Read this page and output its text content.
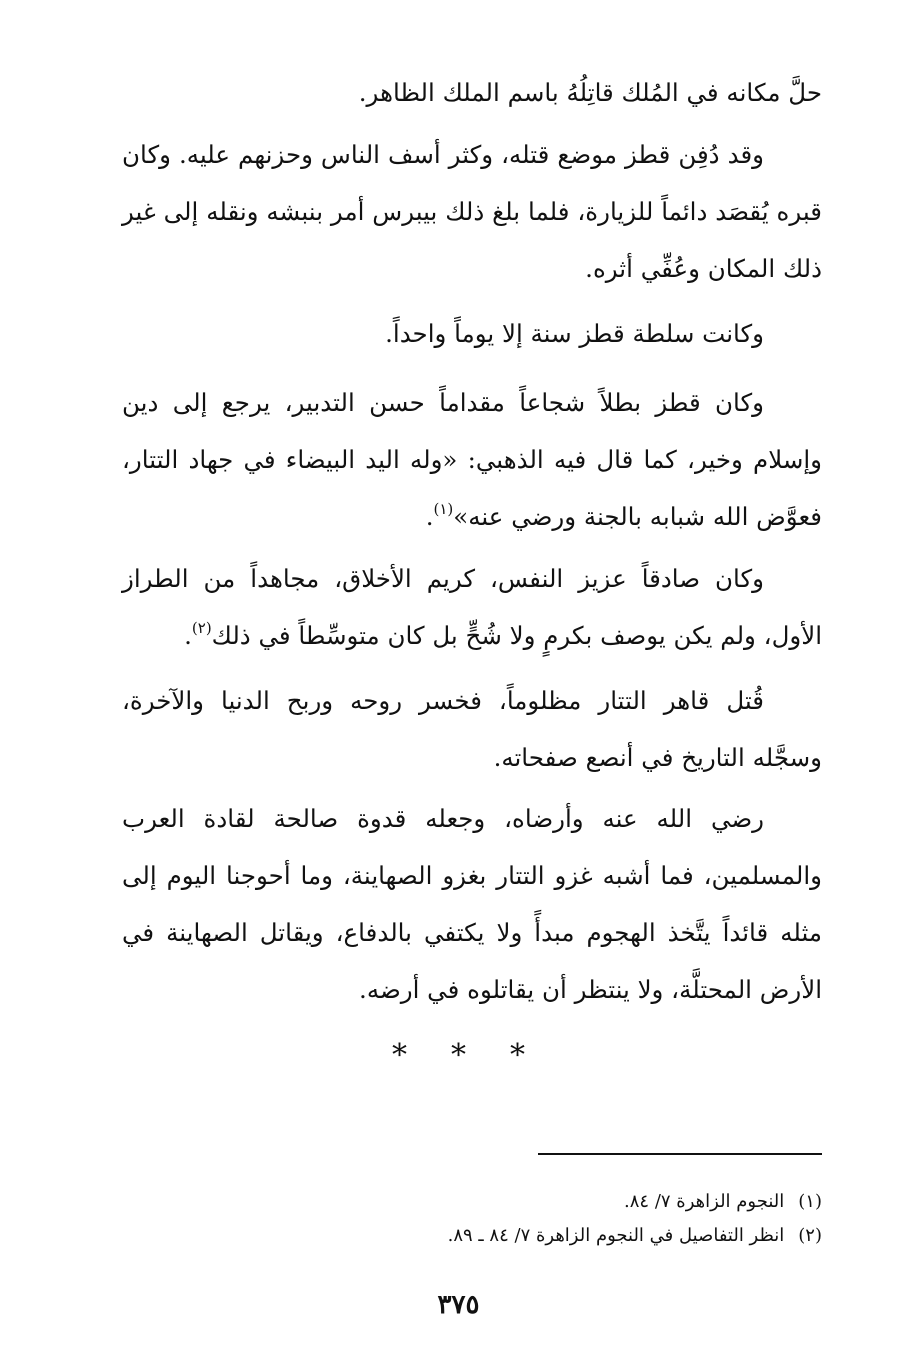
حلَّ مكانه في المُلك قاتِلُهُ باسم الملك الظاهر.

وقد دُفِن قطز موضع قتله، وكثر أسف الناس وحزنهم عليه. وكان قبره يُقصَد دائماً للزيارة، فلما بلغ ذلك بيبرس أمر بنبشه ونقله إلى غير ذلك المكان وعُفِّي أثره.

وكانت سلطة قطز سنة إلا يوماً واحداً.

وكان قطز بطلاً شجاعاً مقداماً حسن التدبير، يرجع إلى دين وإسلام وخير، كما قال فيه الذهبي: «وله اليد البيضاء في جهاد التتار، فعوَّض الله شبابه بالجنة ورضي عنه»$^{(١)}$.

وكان صادقاً عزيز النفس، كريم الأخلاق، مجاهداً من الطراز الأول، ولم يكن يوصف بكرمٍ ولا شُحٍّ بل كان متوسِّطاً في ذلك$^{(٢)}$.

قُتل قاهر التتار مظلوماً، فخسر روحه وربح الدنيا والآخرة، وسجَّله التاريخ في أنصع صفحاته.

رضي الله عنه وأرضاه، وجعله قدوة صالحة لقادة العرب والمسلمين، فما أشبه غزو التتار بغزو الصهاينة، وما أحوجنا اليوم إلى مثله قائداً يتَّخذ الهجوم مبدأً ولا يكتفي بالدفاع، ويقاتل الصهاينة في الأرض المحتلَّة، ولا ينتظر أن يقاتلوه في أرضه.

* * *
(١) النجوم الزاهرة ٧/ ٨٤.
(٢) انظر التفاصيل في النجوم الزاهرة ٧/ ٨٤ ـ ٨٩.
٣٧٥
